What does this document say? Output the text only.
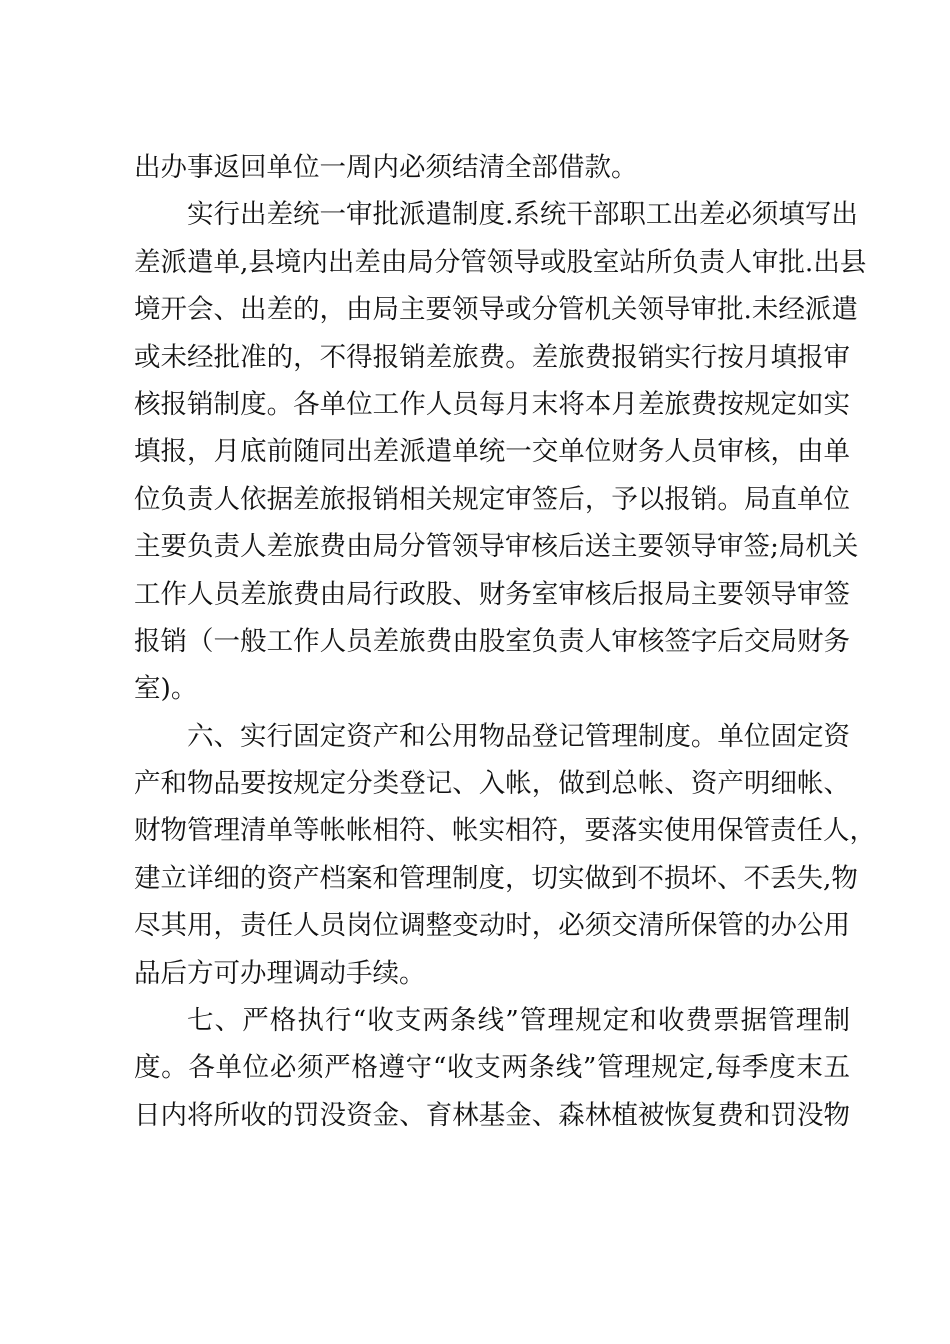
出办事返回单位一周内必须结清全部借款。
实行出差统一审批派遣制度.系统干部职工出差必须填写出
差派遣单,县境内出差由局分管领导或股室站所负责人审批.出县
境开会、出差的，由局主要领导或分管机关领导审批.未经派遣
或未经批准的，不得报销差旅费。差旅费报销实行按月填报审
核报销制度。各单位工作人员每月末将本月差旅费按规定如实
填报，月底前随同出差派遣单统一交单位财务人员审核，由单
位负责人依据差旅报销相关规定审签后，予以报销。局直单位
主要负责人差旅费由局分管领导审核后送主要领导审签;局机关
工作人员差旅费由局行政股、财务室审核后报局主要领导审签
报销（一般工作人员差旅费由股室负责人审核签字后交局财务
室)。
六、实行固定资产和公用物品登记管理制度。单位固定资
产和物品要按规定分类登记、入帐，做到总帐、资产明细帐、
财物管理清单等帐帐相符、帐实相符，要落实使用保管责任人，
建立详细的资产档案和管理制度，切实做到不损坏、不丢失,物
尽其用，责任人员岗位调整变动时，必须交清所保管的办公用
品后方可办理调动手续。
七、严格执行“收支两条线”管理规定和收费票据管理制
度。各单位必须严格遵守“收支两条线”管理规定,每季度末五
日内将所收的罚没资金、育林基金、森林植被恢复费和罚没物
